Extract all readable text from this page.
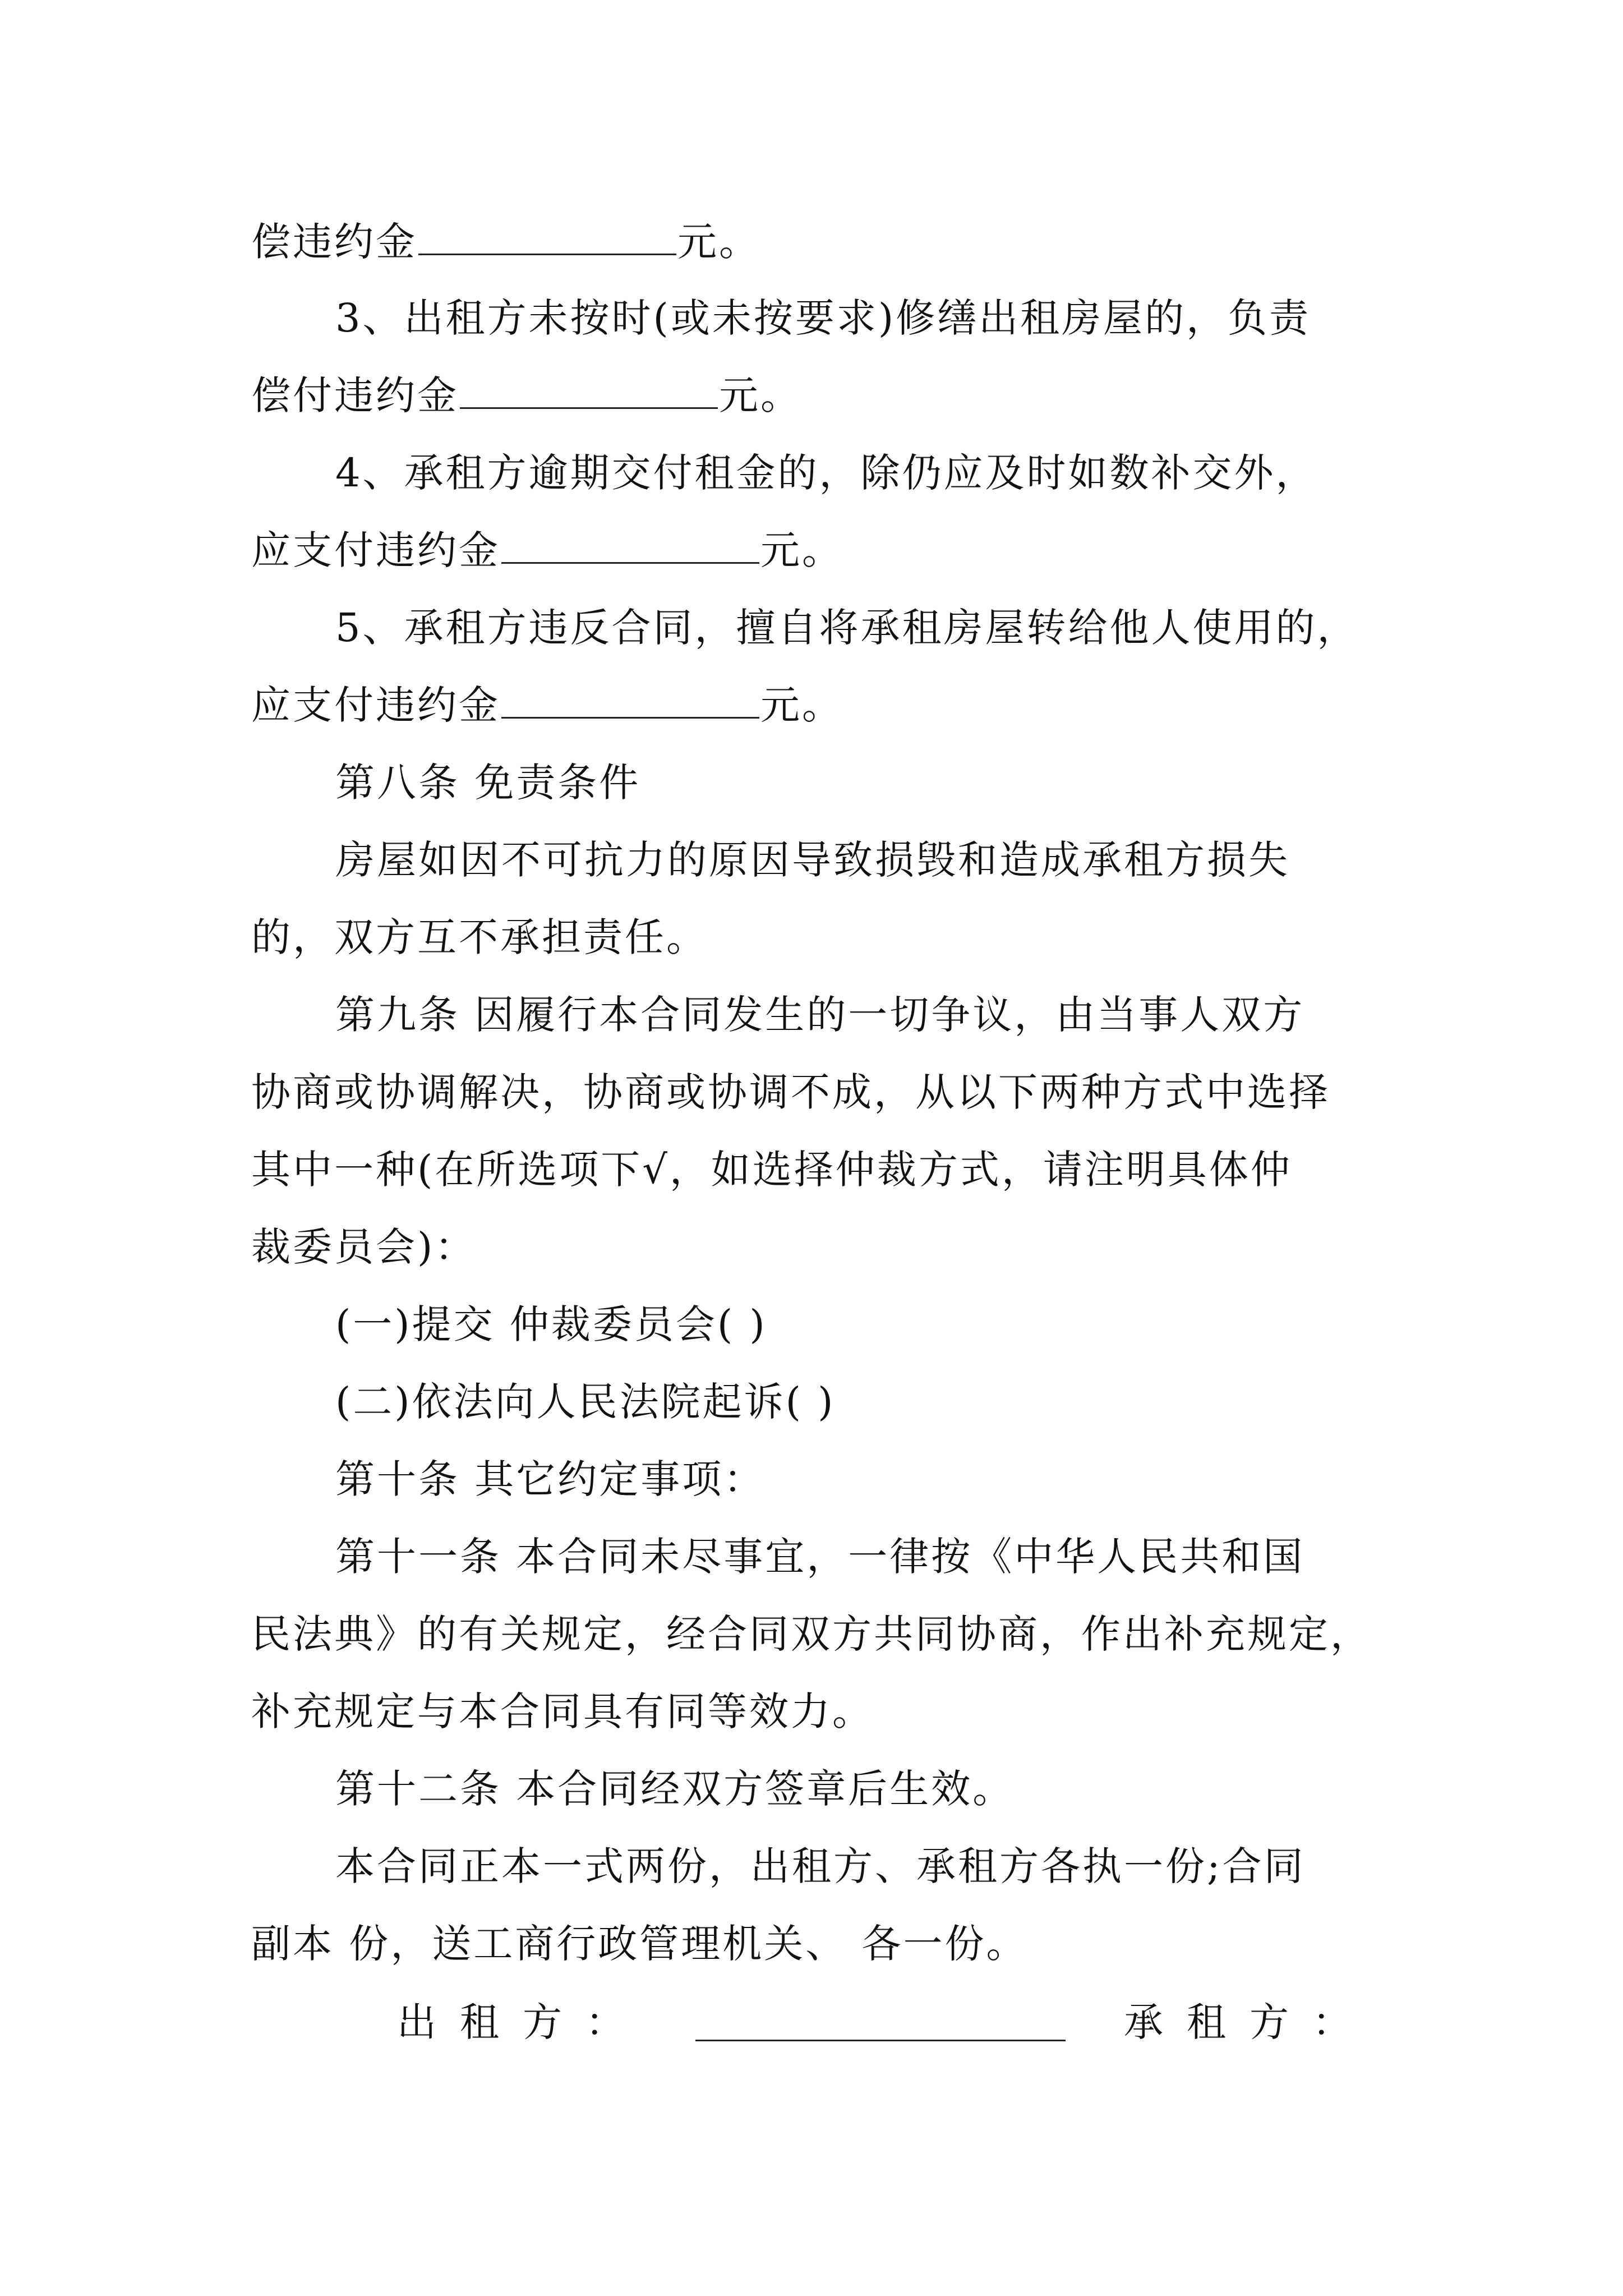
偿违约金	元。
3、出租方未按时(或未按要求)修缮出租房屋的，负责
偿付违约金	元。
4、承租方逾期交付租金的，除仍应及时如数补交外，
应支付违约金	元。
5、承租方违反合同，擅自将承租房屋转给他人使用的，
应支付违约金	元。
第八条 免责条件
房屋如因不可抗力的原因导致损毁和造成承租方损失
的，双方互不承担责任。
第九条 因履行本合同发生的一切争议，由当事人双方
协商或协调解决，协商或协调不成，从以下两种方式中选择
其中一种(在所选项下√，如选择仲裁方式，请注明具体仲
裁委员会)：
(一)提交 仲裁委员会( )
(二)依法向人民法院起诉( )
第十条 其它约定事项：
第十一条 本合同未尽事宜，一律按《中华人民共和国
民法典》的有关规定，经合同双方共同协商，作出补充规定，
补充规定与本合同具有同等效力。
第十二条 本合同经双方签章后生效。
本合同正本一式两份，出租方、承租方各执一份;合同
副本 份，送工商行政管理机关、 各一份。
出租方：	承租方：
